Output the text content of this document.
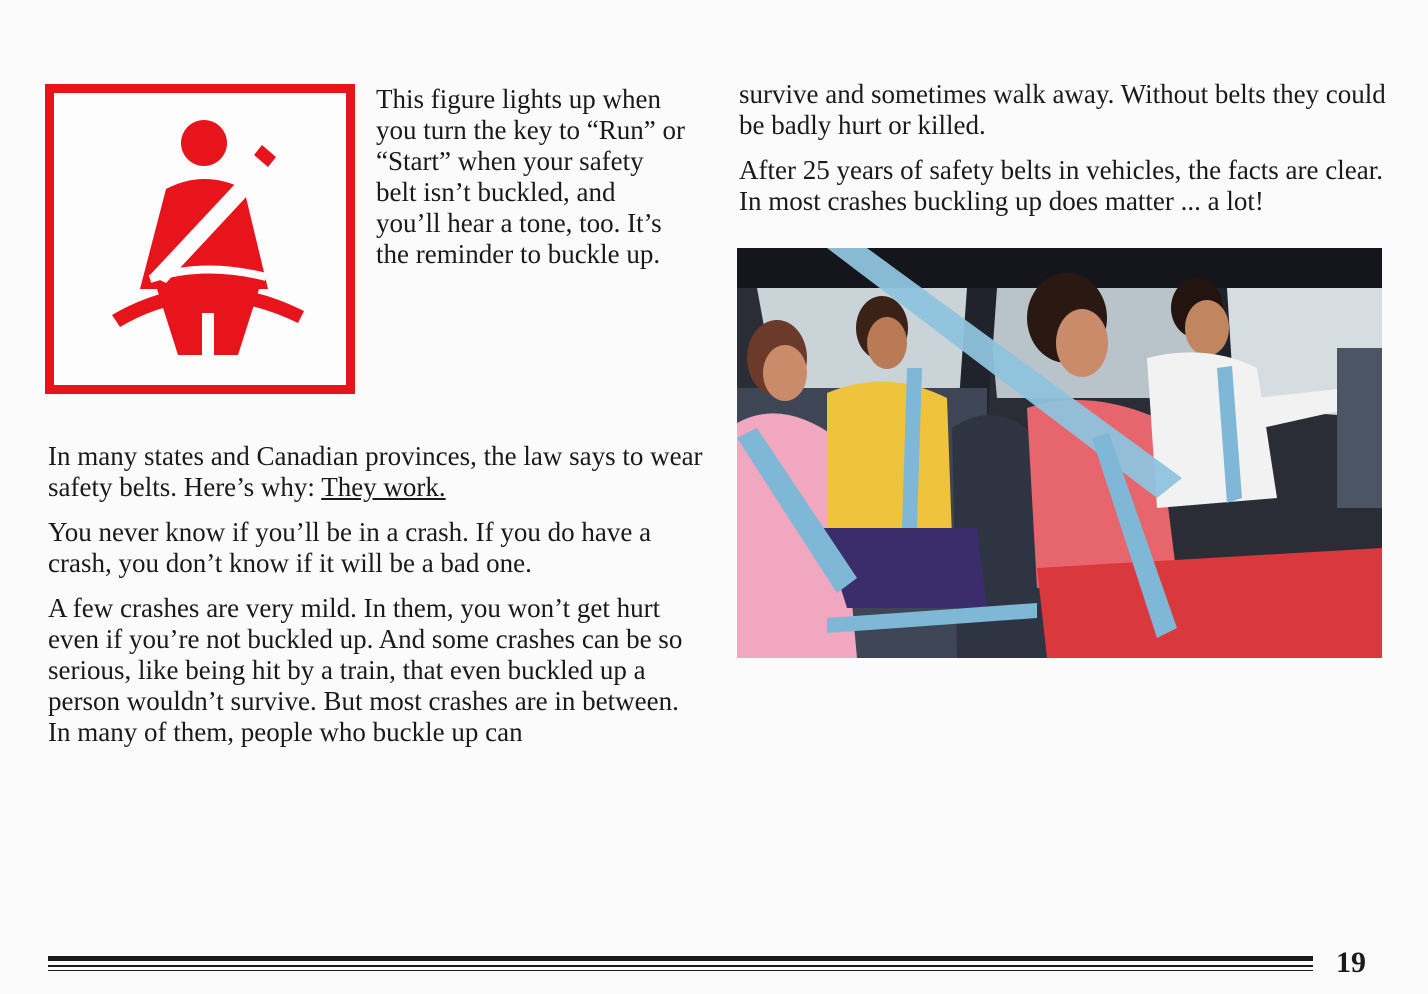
This figure lights up when you turn the key to “Run” or “Start” when your safety belt isn’t buckled, and you’ll hear a tone, too. It’s the reminder to buckle up.

In many states and Canadian provinces, the law says to wear safety belts. Here’s why: They work.

You never know if you’ll be in a crash. If you do have a crash, you don’t know if it will be a bad one.

A few crashes are very mild. In them, you won’t get hurt even if you’re not buckled up. And some crashes can be so serious, like being hit by a train, that even buckled up a person wouldn’t survive. But most crashes are in between. In many of them, people who buckle up can

survive and sometimes walk away. Without belts they could be badly hurt or killed.

After 25 years of safety belts in vehicles, the facts are clear. In most crashes buckling up does matter ... a lot!

19
